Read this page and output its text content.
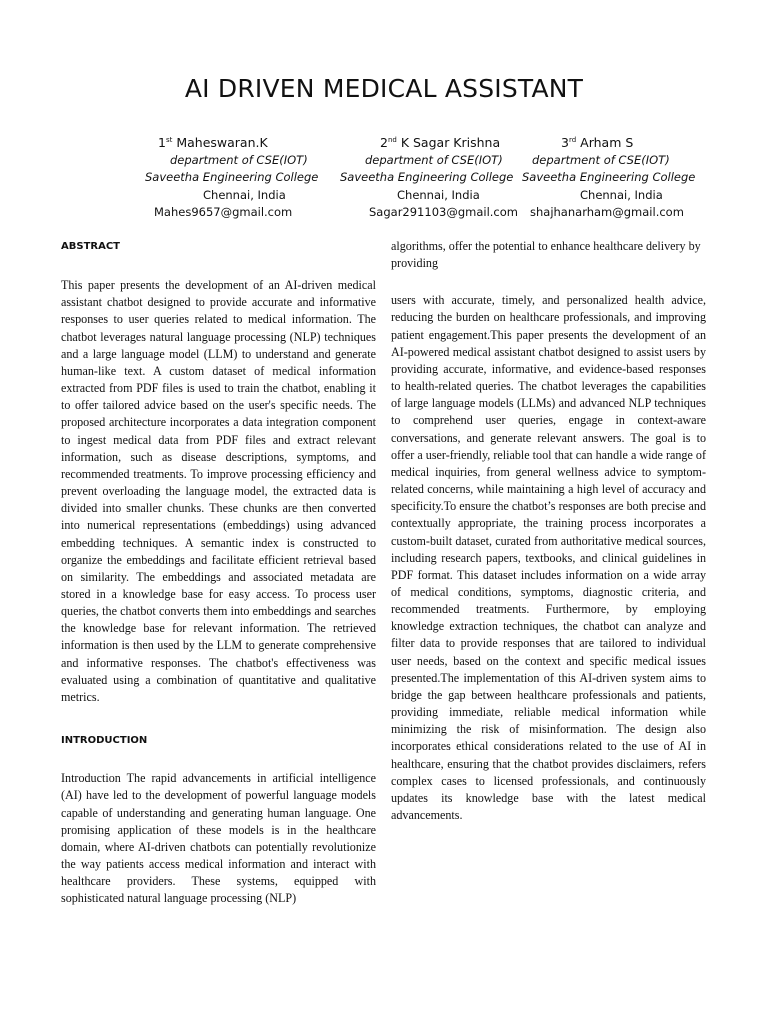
AI DRIVEN MEDICAL ASSISTANT
1st Maheswaran.K
department of CSE(IOT)
Saveetha Engineering College
Chennai, India
Mahes9657@gmail.com
2nd K Sagar Krishna
department of CSE(IOT)
Saveetha Engineering College
Chennai, India
Sagar291103@gmail.com
3rd Arham S
department of CSE(IOT)
Saveetha Engineering College
Chennai, India
shajhanarham@gmail.com
ABSTRACT

This paper presents the development of an AI-driven medical assistant chatbot designed to provide accurate and informative responses to user queries related to medical information. The chatbot leverages natural language processing (NLP) techniques and a large language model (LLM) to understand and generate human-like text. A custom dataset of medical information extracted from PDF files is used to train the chatbot, enabling it to offer tailored advice based on the user's specific needs. The proposed architecture incorporates a data integration component to ingest medical data from PDF files and extract relevant information, such as disease descriptions, symptoms, and recommended treatments. To improve processing efficiency and prevent overloading the language model, the extracted data is divided into smaller chunks. These chunks are then converted into numerical representations (embeddings) using advanced embedding techniques. A semantic index is constructed to organize the embeddings and facilitate efficient retrieval based on similarity. The embeddings and associated metadata are stored in a knowledge base for easy access. To process user queries, the chatbot converts them into embeddings and searches the knowledge base for relevant information. The retrieved information is then used by the LLM to generate comprehensive and informative responses. The chatbot's effectiveness was evaluated using a combination of quantitative and qualitative metrics.

INTRODUCTION

Introduction The rapid advancements in artificial intelligence (AI) have led to the development of powerful language models capable of understanding and generating human language. One promising application of these models is in the healthcare domain, where AI-driven chatbots can potentially revolutionize the way patients access medical information and interact with healthcare providers. These systems, equipped with sophisticated natural language processing (NLP)

algorithms, offer the potential to enhance healthcare delivery by providing

users with accurate, timely, and personalized health advice, reducing the burden on healthcare professionals, and improving patient engagement.This paper presents the development of an AI-powered medical assistant chatbot designed to assist users by providing accurate, informative, and evidence-based responses to health-related queries. The chatbot leverages the capabilities of large language models (LLMs) and advanced NLP techniques to comprehend user queries, engage in context-aware conversations, and generate relevant answers. The goal is to offer a user-friendly, reliable tool that can handle a wide range of medical inquiries, from general wellness advice to symptom-related concerns, while maintaining a high level of accuracy and specificity.To ensure the chatbot’s responses are both precise and contextually appropriate, the training process incorporates a custom-built dataset, curated from authoritative medical sources, including research papers, textbooks, and clinical guidelines in PDF format. This dataset includes information on a wide array of medical conditions, symptoms, diagnostic criteria, and recommended treatments. Furthermore, by employing knowledge extraction techniques, the chatbot can analyze and filter data to provide responses that are tailored to individual user needs, based on the context and specific medical issues presented.The implementation of this AI-driven system aims to bridge the gap between healthcare professionals and patients, providing immediate, reliable medical information while minimizing the risk of misinformation. The design also incorporates ethical considerations related to the use of AI in healthcare, ensuring that the chatbot provides disclaimers, refers complex cases to licensed professionals, and continuously updates its knowledge base with the latest medical advancements.
